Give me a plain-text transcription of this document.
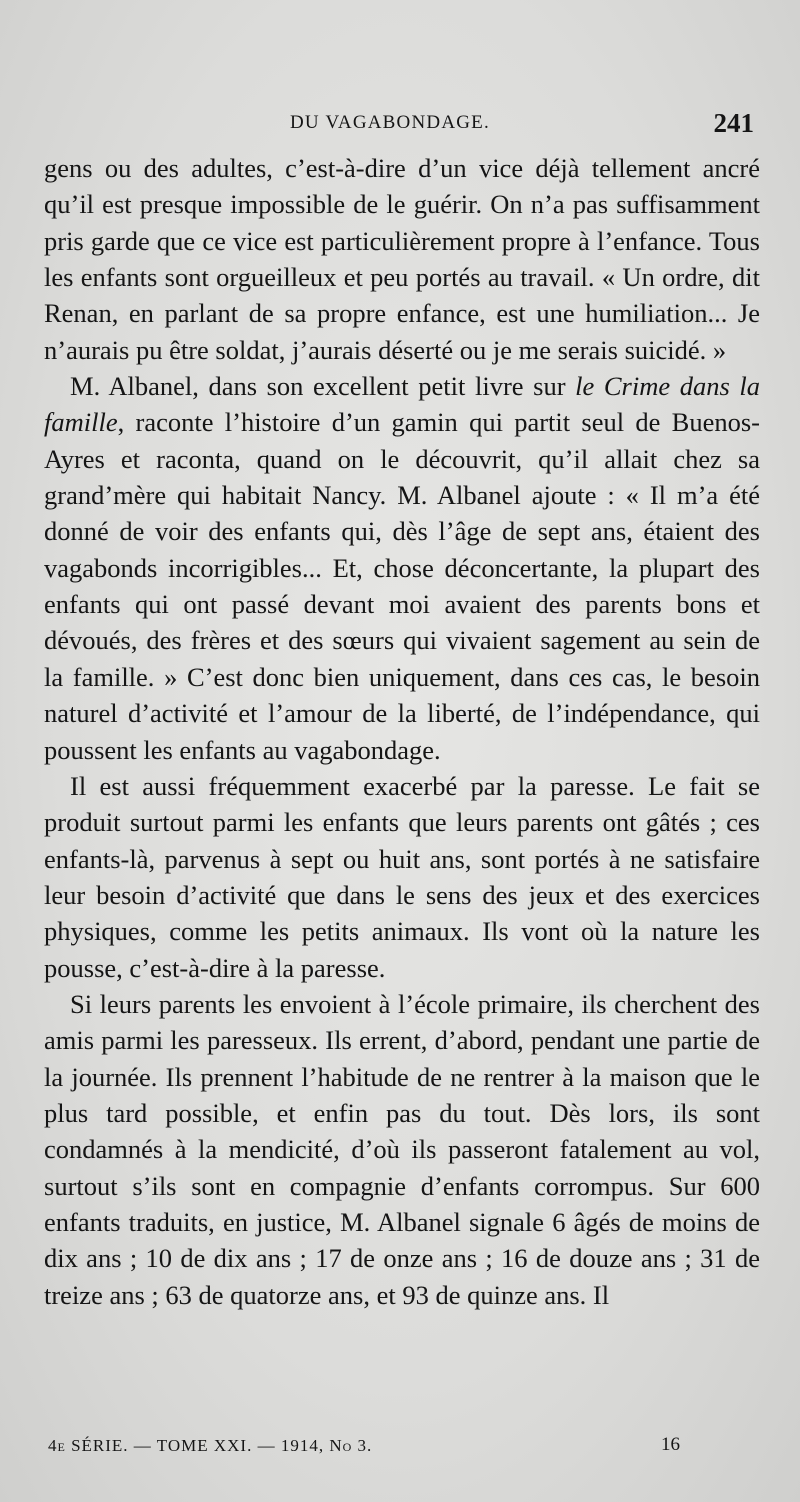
DU VAGABONDAGE.	241

gens ou des adultes, c’est-à-dire d’un vice déjà tellement ancré qu’il est presque impossible de le guérir. On n’a pas suffisamment pris garde que ce vice est particulièrement propre à l’enfance. Tous les enfants sont orgueilleux et peu portés au travail. « Un ordre, dit Renan, en parlant de sa propre enfance, est une humiliation... Je n’aurais pu être soldat, j’aurais déserté ou je me serais suicidé. »

M. Albanel, dans son excellent petit livre sur le Crime dans la famille, raconte l’histoire d’un gamin qui partit seul de Buenos-Ayres et raconta, quand on le découvrit, qu’il allait chez sa grand’mère qui habitait Nancy. M. Albanel ajoute : « Il m’a été donné de voir des enfants qui, dès l’âge de sept ans, étaient des vagabonds incorrigibles... Et, chose déconcertante, la plupart des enfants qui ont passé devant moi avaient des parents bons et dévoués, des frères et des sœurs qui vivaient sagement au sein de la famille. » C’est donc bien uniquement, dans ces cas, le besoin naturel d’activité et l’amour de la liberté, de l’indépendance, qui poussent les enfants au vagabondage.

Il est aussi fréquemment exacerbé par la paresse. Le fait se produit surtout parmi les enfants que leurs parents ont gâtés ; ces enfants-là, parvenus à sept ou huit ans, sont portés à ne satisfaire leur besoin d’activité que dans le sens des jeux et des exercices physiques, comme les petits animaux. Ils vont où la nature les pousse, c’est-à-dire à la paresse.

Si leurs parents les envoient à l’école primaire, ils cherchent des amis parmi les paresseux. Ils errent, d’abord, pendant une partie de la journée. Ils prennent l’habitude de ne rentrer à la maison que le plus tard possible, et enfin pas du tout. Dès lors, ils sont condamnés à la mendicité, d’où ils passeront fatalement au vol, surtout s’ils sont en compagnie d’enfants corrompus. Sur 600 enfants traduits, en justice, M. Albanel signale 6 âgés de moins de dix ans ; 10 de dix ans ; 17 de onze ans ; 16 de douze ans ; 31 de treize ans ; 63 de quatorze ans, et 93 de quinze ans. Il

4e SÉRIE. — TOME XXI. — 1914, No 3.	16
